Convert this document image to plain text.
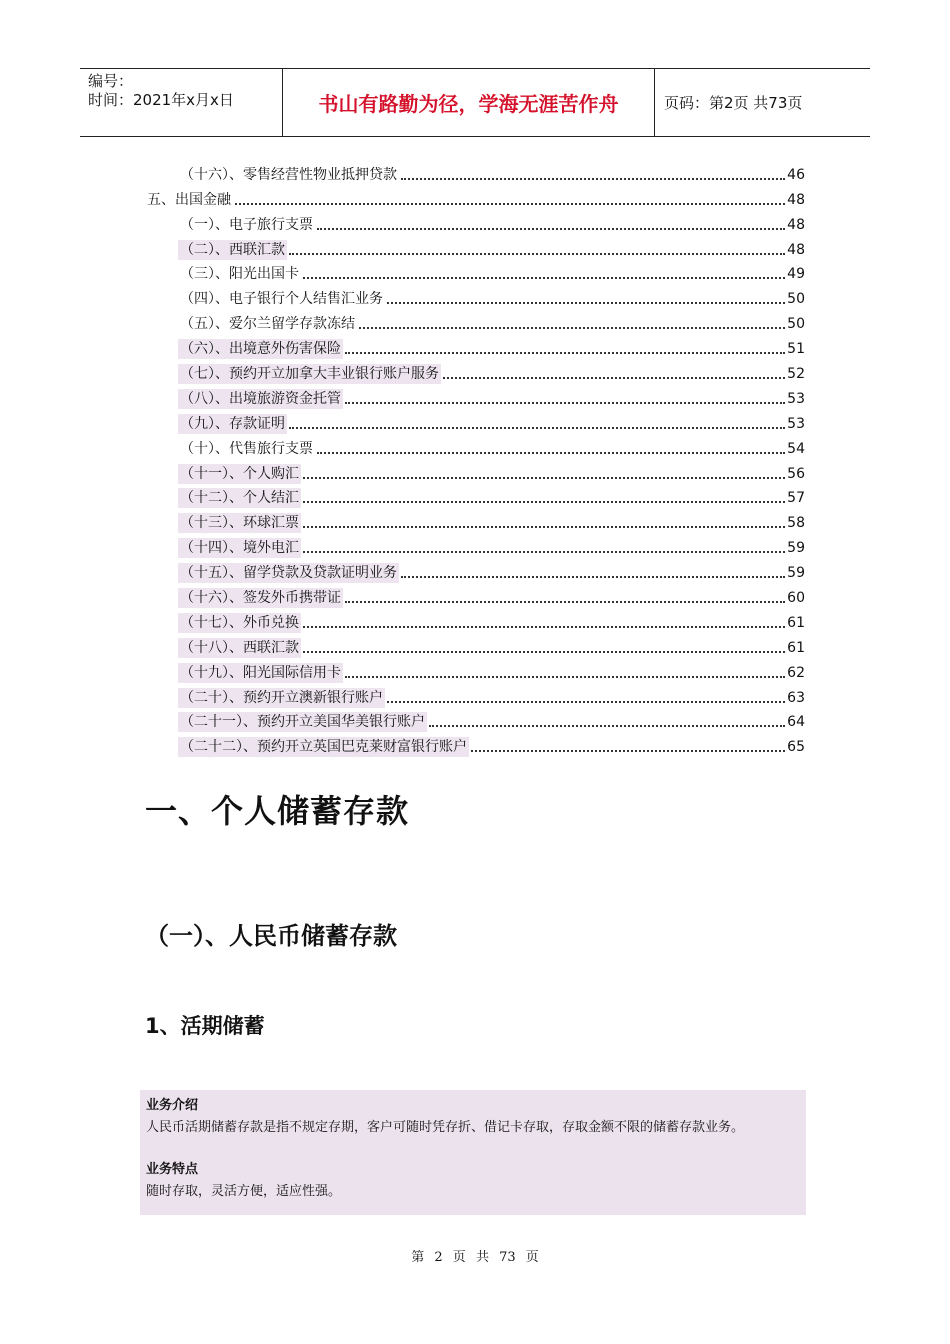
编号：
时间：2021年x月x日	书山有路勤为径，学海无涯苦作舟	页码：第2页 共73页
（十六）、零售经营性物业抵押贷款	46
五、出国金融	48
（一）、电子旅行支票	48
（二）、西联汇款	48
（三）、阳光出国卡	49
（四）、电子银行个人结售汇业务	50
（五）、爱尔兰留学存款冻结	50
（六）、出境意外伤害保险	51
（七）、预约开立加拿大丰业银行账户服务	52
（八）、出境旅游资金托管	53
（九）、存款证明	53
（十）、代售旅行支票	54
（十一）、个人购汇	56
（十二）、个人结汇	57
（十三）、环球汇票	58
（十四）、境外电汇	59
（十五）、留学贷款及贷款证明业务	59
（十六）、签发外币携带证	60
（十七）、外币兑换	61
（十八）、西联汇款	61
（十九）、阳光国际信用卡	62
（二十）、预约开立澳新银行账户	63
（二十一）、预约开立美国华美银行账户	64
（二十二）、预约开立英国巴克莱财富银行账户	65
一、个人储蓄存款
（一）、人民币储蓄存款
1、活期储蓄
业务介绍
人民币活期储蓄存款是指不规定存期，客户可随时凭存折、借记卡存取，存取金额不限的储蓄存款业务。
业务特点
随时存取，灵活方便，适应性强。
第 2 页 共 73 页
